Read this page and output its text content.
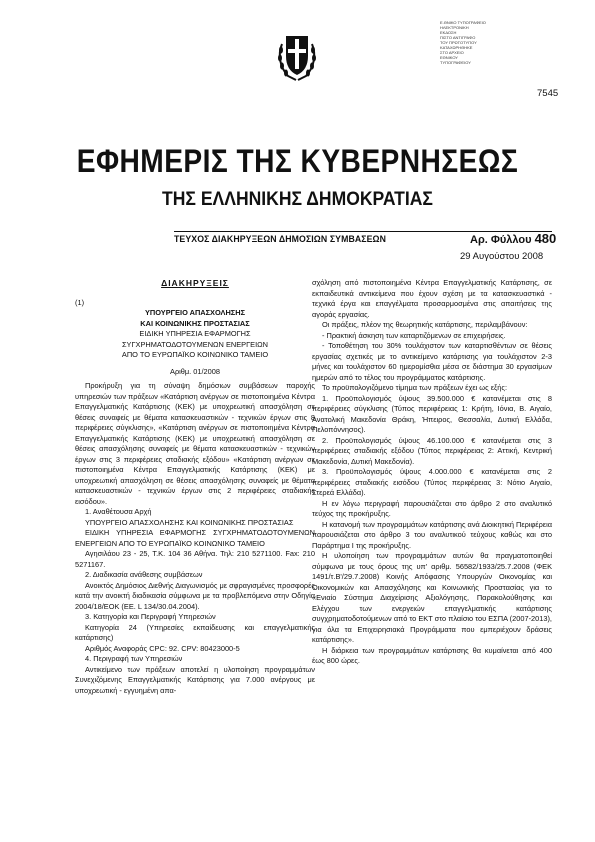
Ε.ΘΝΙΚΟ ΤΥΠΟΓΡΑΦΕΙΟ
ΗΛΕΚΤΡΟΝΙΚΗ
ΕΚΔΟΣΗ
ΠΙΣΤΟ ΑΝΤΙΓΡΑΦΟ
ΤΟΥ ΠΡΩΤΟΤΥΠΟΥ
ΚΑΤΑΧΩΡΗΘΗΚΕ
ΣΤΟ ΑΡΧΕΙΟ
ΕΘΝΙΚΟΥ
ΤΥΠΟΓΡΑΦΕΙΟΥ
7545
ΕΦΗΜΕΡΙΣ ΤΗΣ ΚΥΒΕΡΝΗΣΕΩΣ
ΤΗΣ ΕΛΛΗΝΙΚΗΣ ΔΗΜΟΚΡΑΤΙΑΣ
ΤΕΥΧΟΣ ΔΙΑΚΗΡΥΞΕΩΝ ΔΗΜΟΣΙΩΝ ΣΥΜΒΑΣΕΩΝ	Αρ. Φύλλου 480
29 Αυγούστου 2008
ΔΙΑΚΗΡΥΞΕΙΣ

(1)

ΥΠΟΥΡΓΕΙΟ ΑΠΑΣΧΟΛΗΣΗΣ
ΚΑΙ ΚΟΙΝΩΝΙΚΗΣ ΠΡΟΣΤΑΣΙΑΣ
ΕΙΔΙΚΗ ΥΠΗΡΕΣΙΑ ΕΦΑΡΜΟΓΗΣ
ΣΥΓΧΡΗΜΑΤΟΔΟΤΟΥΜΕΝΩΝ ΕΝΕΡΓΕΙΩΝ
ΑΠΟ ΤΟ ΕΥΡΩΠΑΪΚΟ ΚΟΙΝΩΝΙΚΟ ΤΑΜΕΙΟ

Αριθμ. 01/2008

Προκήρυξη για τη σύναψη δημόσιων συμβάσεων παροχής υπηρεσιών των πράξεων «Κατάρτιση ανέργων σε πιστοποιημένα Κέντρα Επαγγελματικής Κατάρτισης (ΚΕΚ) με υποχρεωτική απασχόληση σε θέσεις συναφείς με θέματα κατασκευαστικών - τεχνικών έργων στις 8 περιφέρειες σύγκλισης», «Κατάρτιση ανέργων σε πιστοποιημένα Κέντρα Επαγγελματικής Κατάρτισης (ΚΕΚ) με υποχρεωτική απασχόληση σε θέσεις απασχόλησης συναφείς με θέματα κατασκευαστικών - τεχνικών έργων στις 3 περιφέρειες σταδιακής εξόδου» «Κατάρτιση ανέργων σε πιστοποιημένα Κέντρα Επαγγελματικής Κατάρτισης (ΚΕΚ) με υποχρεωτική απασχόληση σε θέσεις απασχόλησης συναφείς με θέματα κατασκευαστικών - τεχνικών έργων στις 2 περιφέρειες σταδιακής εισόδου».

1. Αναθέτουσα Αρχή

ΥΠΟΥΡΓΕΙΟ ΑΠΑΣΧΟΛΗΣΗΣ ΚΑΙ ΚΟΙΝΩΝΙΚΗΣ ΠΡΟΣΤΑΣΙΑΣ

ΕΙΔΙΚΗ ΥΠΗΡΕΣΙΑ ΕΦΑΡΜΟΓΗΣ ΣΥΓΧΡΗΜΑΤΟΔΟΤΟΥΜΕΝΩΝ ΕΝΕΡΓΕΙΩΝ ΑΠΟ ΤΟ ΕΥΡΩΠΑΪΚΟ ΚΟΙΝΩΝΙΚΟ ΤΑΜΕΙΟ

Αγησιλάου 23 - 25, Τ.Κ. 104 36 Αθήνα. Τηλ: 210 5271100. Fax: 210 5271167.

2. Διαδικασία ανάθεσης συμβάσεων

Ανοικτός Δημόσιος Διεθνής Διαγωνισμός με σφραγισμένες προσφορές κατά την ανοικτή διαδικασία σύμφωνα με τα προβλεπόμενα στην Οδηγία 2004/18/ΕΟΚ (ΕΕ. L 134/30.04.2004).

3. Κατηγορία και Περιγραφή Υπηρεσιών

Κατηγορία 24 (Υπηρεσίες εκπαίδευσης και επαγγελματικής κατάρτισης)

Αριθμός Αναφοράς CPC: 92. CPV: 80423000-5

4. Περιγραφή των Υπηρεσιών

Αντικείμενο των πράξεων αποτελεί η υλοποίηση προγραμμάτων Συνεχιζόμενης Επαγγελματικής Κατάρτισης για 7.000 ανέργους με υποχρεωτική - εγγυημένη απα-

σχόληση από πιστοποιημένα Κέντρα Επαγγελματικής Κατάρτισης, σε εκπαιδευτικά αντικείμενα που έχουν σχέση με τα κατασκευαστικά - τεχνικά έργα και επαγγέλματα προσαρμοσμένα στις απαιτήσεις της αγοράς εργασίας.

Οι πράξεις, πλέον της θεωρητικής κατάρτισης, περιλαμβάνουν:

- Πρακτική άσκηση των καταρτιζόμενων σε επιχειρήσεις.

- Τοποθέτηση του 30% τουλάχιστον των καταρτισθέντων σε θέσεις εργασίας σχετικές με το αντικείμενο κατάρτισης για τουλάχιστον 2-3 μήνες και τουλάχιστον 60 ημερομίσθια μέσα σε διάστημα 30 εργασίμων ημερών από το τέλος του προγράμματος κατάρτισης.

Το προϋπολογιζόμενο τίμημα των πράξεων έχει ως εξής:

1. Προϋπολογισμός ύψους 39.500.000 € κατανέμεται στις 8 περιφέρειες σύγκλισης (Τύπος περιφέρειας 1: Κρήτη, Ιόνια, Β. Αιγαίο, Ανατολική Μακεδονία Θράκη, Ήπειρος, Θεσσαλία, Δυτική Ελλάδα, Πελοπόννησος).

2. Προϋπολογισμός ύψους 46.100.000 € κατανέμεται στις 3 περιφέρειες σταδιακής εξόδου (Τύπος περιφέρειας 2: Αττική, Κεντρική Μακεδονία, Δυτική Μακεδονία).

3. Προϋπολογισμός ύψους 4.000.000 € κατανέμεται στις 2 περιφέρειες σταδιακής εισόδου (Τύπος περιφέρειας 3: Νότιο Αιγαίο, Στερεά Ελλάδα).

Η εν λόγω περιγραφή παρουσιάζεται στο άρθρο 2 στο αναλυτικό τεύχος της προκήρυξης.

Η κατανομή των προγραμμάτων κατάρτισης ανά Διοικητική Περιφέρεια παρουσιάζεται στο άρθρο 3 του αναλυτικού τεύχους καθώς και στο Παράρτημα Ι της προκήρυξης.

Η υλοποίηση των προγραμμάτων αυτών θα πραγματοποιηθεί σύμφωνα με τους όρους της υπ' αριθμ. 56582/1933/25.7.2008 (ΦΕΚ 1491/τ.Β'/29.7.2008) Κοινής Απόφασης Υπουργών Οικονομίας και Οικονομικών και Απασχόλησης και Κοινωνικής Προστασίας για το «Ενιαίο Σύστημα Διαχείρισης Αξιολόγησης, Παρακολούθησης και Ελέγχου των ενεργειών επαγγελματικής κατάρτισης συγχρηματοδοτούμενων από το ΕΚΤ στο πλαίσιο του ΕΣΠΑ (2007-2013), για όλα τα Επιχειρησιακά Προγράμματα που εμπεριέχουν δράσεις κατάρτισης».

Η διάρκεια των προγραμμάτων κατάρτισης θα κυμαίνεται από 400 έως 800 ώρες.
